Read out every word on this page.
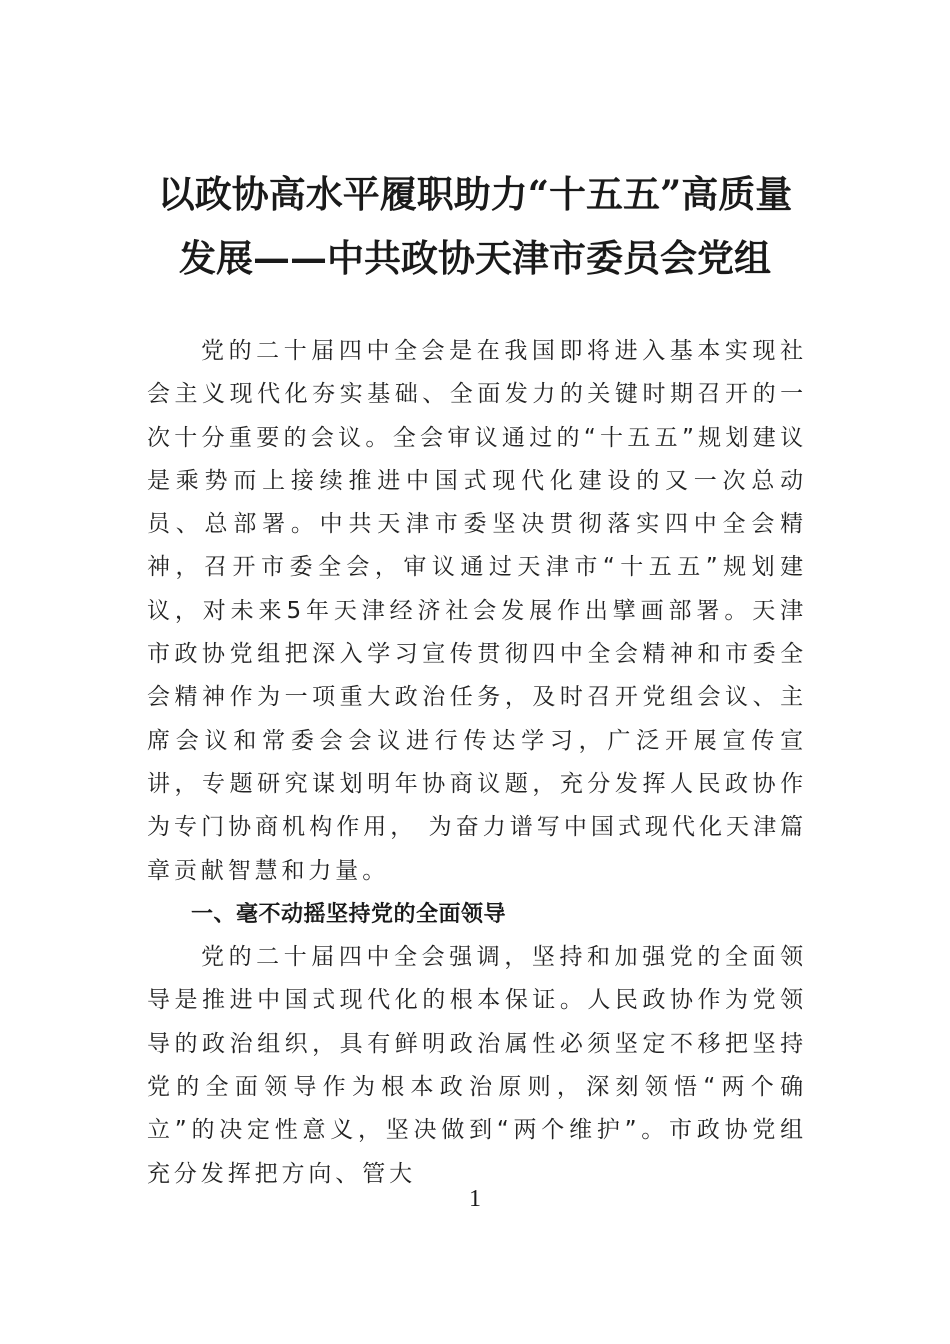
以政协高水平履职助力“十五五”高质量
发展——中共政协天津市委员会党组

党的二十届四中全会是在我国即将进入基本实现社会主义现代化夯实基础、全面发力的关键时期召开的一次十分重要的会议。全会审议通过的“十五五”规划建议是乘势而上接续推进中国式现代化建设的又一次总动员、总部署。中共天津市委坚决贯彻落实四中全会精神，召开市委全会，审议通过天津市“十五五”规划建议，对未来5年天津经济社会发展作出擘画部署。天津市政协党组把深入学习宣传贯彻四中全会精神和市委全会精神作为一项重大政治任务，及时召开党组会议、主席会议和常委会会议进行传达学习，广泛开展宣传宣讲，专题研究谋划明年协商议题，充分发挥人民政协作为专门协商机构作用， 为奋力谱写中国式现代化天津篇章贡献智慧和力量。

一、毫不动摇坚持党的全面领导

党的二十届四中全会强调，坚持和加强党的全面领导是推进中国式现代化的根本保证。人民政协作为党领导的政治组织，具有鲜明政治属性必须坚定不移把坚持党的全面领导作为根本政治原则，深刻领悟“两个确立”的决定性意义，坚决做到“两个维护”。市政协党组充分发挥把方向、管大

1
